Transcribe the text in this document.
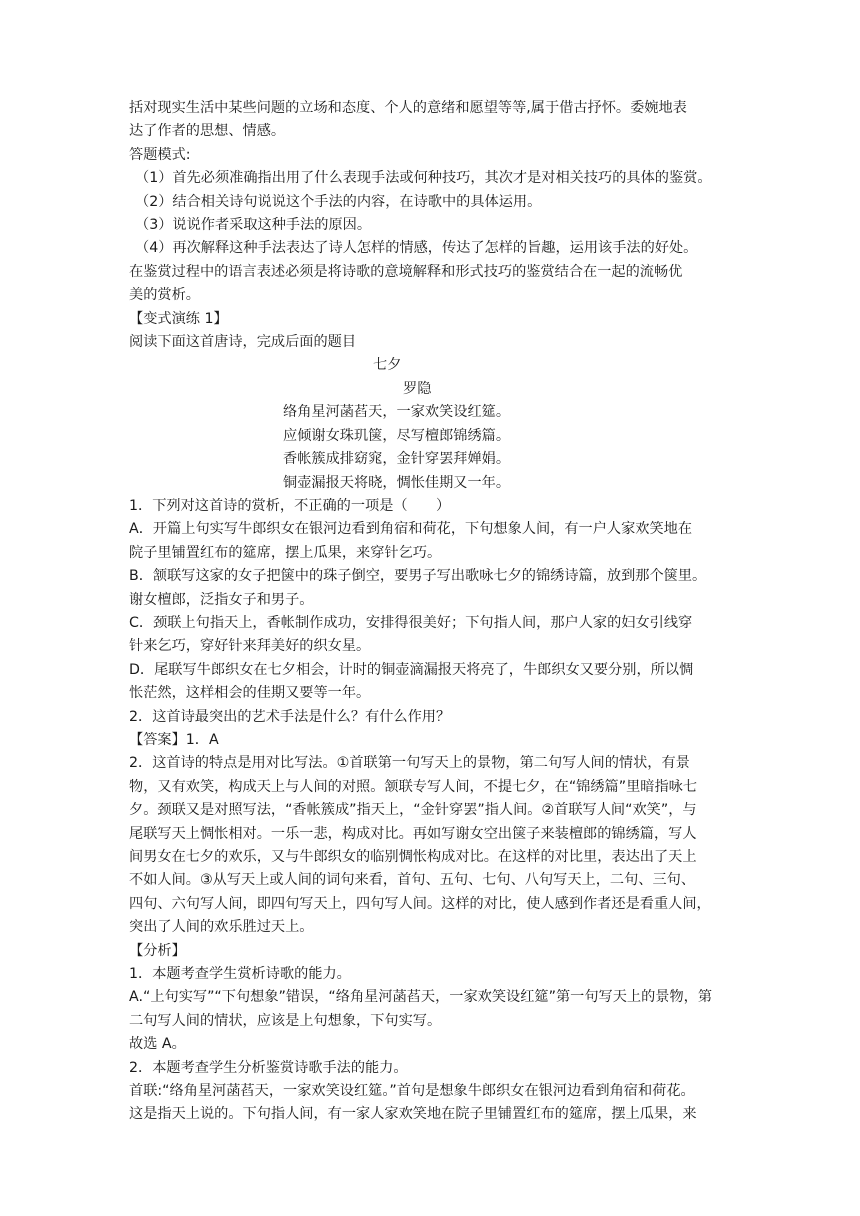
括对现实生活中某些问题的立场和态度、个人的意绪和愿望等等,属于借古抒怀。委婉地表
达了作者的思想、情感。
答题模式:
（1）首先必须准确指出用了什么表现手法或何种技巧，其次才是对相关技巧的具体的鉴赏。
（2）结合相关诗句说说这个手法的内容，在诗歌中的具体运用。
（3）说说作者采取这种手法的原因。
（4）再次解释这种手法表达了诗人怎样的情感，传达了怎样的旨趣，运用该手法的好处。
在鉴赏过程中的语言表述必须是将诗歌的意境解释和形式技巧的鉴赏结合在一起的流畅优
美的赏析。
【变式演练 1】
阅读下面这首唐诗，完成后面的题目
七夕
罗隐
络角星河菡萏天，一家欢笑设红筵。
应倾谢女珠玑箧，尽写檀郎锦绣篇。
香帐簇成排窈窕，金针穿罢拜婵娟。
铜壶漏报天将晓，惆怅佳期又一年。
1．下列对这首诗的赏析，不正确的一项是（　　）
A．开篇上句实写牛郎织女在银河边看到角宿和荷花，下句想象人间，有一户人家欢笑地在
院子里铺置红布的筵席，摆上瓜果，来穿针乞巧。
B．颔联写这家的女子把箧中的珠子倒空，要男子写出歌咏七夕的锦绣诗篇，放到那个箧里。
谢女檀郎，泛指女子和男子。
C．颈联上句指天上，香帐制作成功，安排得很美好；下句指人间，那户人家的妇女引线穿
针来乞巧，穿好针来拜美好的织女星。
D．尾联写牛郎织女在七夕相会，计时的铜壶滴漏报天将亮了，牛郎织女又要分别，所以惆
怅茫然，这样相会的佳期又要等一年。
2．这首诗最突出的艺术手法是什么？有什么作用？
【答案】1．A
2．这首诗的特点是用对比写法。①首联第一句写天上的景物，第二句写人间的情状，有景
物，又有欢笑，构成天上与人间的对照。颔联专写人间，不提七夕，在“锦绣篇”里暗指咏七
夕。颈联又是对照写法，“香帐簇成”指天上，“金针穿罢”指人间。②首联写人间“欢笑”，与
尾联写天上惆怅相对。一乐一悲，构成对比。再如写谢女空出箧子来装檀郎的锦绣篇，写人
间男女在七夕的欢乐，又与牛郎织女的临别惆怅构成对比。在这样的对比里，表达出了天上
不如人间。③从写天上或人间的词句来看，首句、五句、七句、八句写天上，二句、三句、
四句、六句写人间，即四句写天上，四句写人间。这样的对比，使人感到作者还是看重人间，
突出了人间的欢乐胜过天上。
【分析】
1．本题考查学生赏析诗歌的能力。
A.“上句实写”“下句想象”错误，“络角星河菡萏天，一家欢笑设红筵”第一句写天上的景物，第
二句写人间的情状，应该是上句想象，下句实写。
故选 A。
2．本题考查学生分析鉴赏诗歌手法的能力。
首联:“络角星河菡萏天，一家欢笑设红筵。”首句是想象牛郎织女在银河边看到角宿和荷花。
这是指天上说的。下句指人间，有一家人家欢笑地在院子里铺置红布的筵席，摆上瓜果，来
